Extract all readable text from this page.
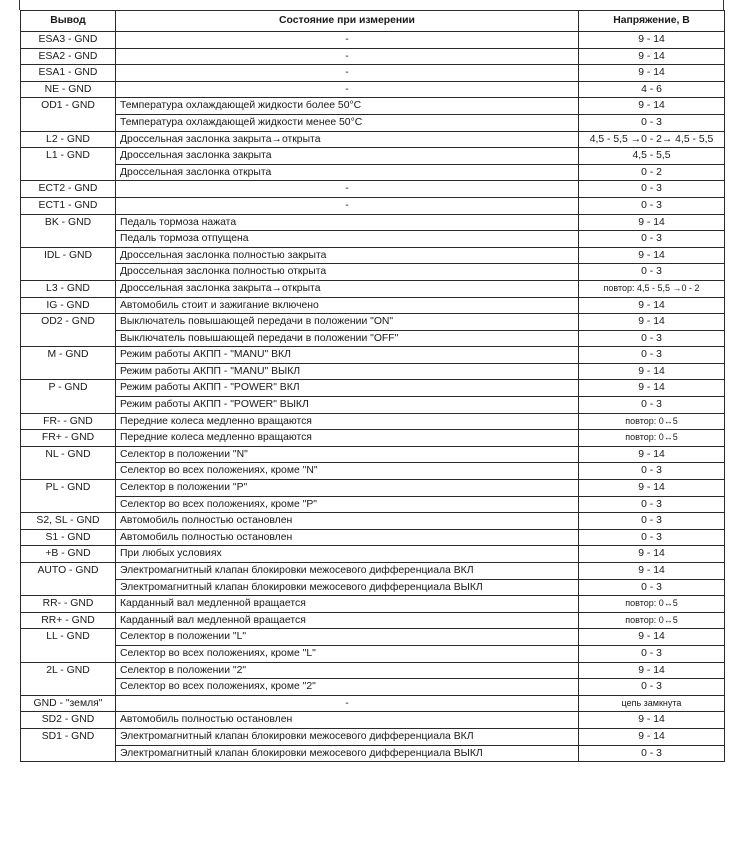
Вывод	Состояние при измерении	Напряжение, В
ESA3 - GND	-	9 - 14
ESA2 - GND	-	9 - 14
ESA1 - GND	-	9 - 14
NE - GND	-	4 - 6
OD1 - GND	Температура охлаждающей жидкости более 50°C	9 - 14
	Температура охлаждающей жидкости менее 50°C	0 - 3
L2 - GND	Дроссельная заслонка закрыта→открыта	4,5 - 5,5 →0 - 2→ 4,5 - 5,5
L1 - GND	Дроссельная заслонка закрыта	4,5 - 5,5
	Дроссельная заслонка открыта	0 - 2
ECT2 - GND	-	0 - 3
ECT1 - GND	-	0 - 3
BK - GND	Педаль тормоза нажата	9 - 14
	Педаль тормоза отпущена	0 - 3
IDL - GND	Дроссельная заслонка полностью закрыта	9 - 14
	Дроссельная заслонка полностью открыта	0 - 3
L3 - GND	Дроссельная заслонка закрыта→открыта	повтор: 4,5 - 5,5 →0 - 2
IG - GND	Автомобиль стоит и зажигание включено	9 - 14
OD2 - GND	Выключатель повышающей передачи в положении "ON"	9 - 14
	Выключатель повышающей передачи в положении "OFF"	0 - 3
M - GND	Режим работы АКПП - "MANU" ВКЛ	0 - 3
	Режим работы АКПП - "MANU" ВЫКЛ	9 - 14
P - GND	Режим работы АКПП - "POWER" ВКЛ	9 - 14
	Режим работы АКПП - "POWER" ВЫКЛ	0 - 3
FR- - GND	Передние колеса медленно вращаются	повтор: 0↔5
FR+ - GND	Передние колеса медленно вращаются	повтор: 0↔5
NL - GND	Селектор в положении "N"	9 - 14
	Селектор во всех положениях, кроме "N"	0 - 3
PL - GND	Селектор в положении "P"	9 - 14
	Селектор во всех положениях, кроме "P"	0 - 3
S2, SL - GND	Автомобиль полностью остановлен	0 - 3
S1 - GND	Автомобиль полностью остановлен	0 - 3
+B - GND	При любых условиях	9 - 14
AUTO - GND	Электромагнитный клапан блокировки межосевого дифференциала ВКЛ	9 - 14
	Электромагнитный клапан блокировки межосевого дифференциала ВЫКЛ	0 - 3
RR- - GND	Карданный вал медленной вращается	повтор: 0↔5
RR+ - GND	Карданный вал медленной вращается	повтор: 0↔5
LL - GND	Селектор в положении "L"	9 - 14
	Селектор во всех положениях, кроме "L"	0 - 3
2L - GND	Селектор в положении "2"	9 - 14
	Селектор во всех положениях, кроме "2"	0 - 3
GND - "земля"	-	цепь замкнута
SD2 - GND	Автомобиль полностью остановлен	9 - 14
SD1 - GND	Электромагнитный клапан блокировки межосевого дифференциала ВКЛ	9 - 14
	Электромагнитный клапан блокировки межосевого дифференциала ВЫКЛ	0 - 3
